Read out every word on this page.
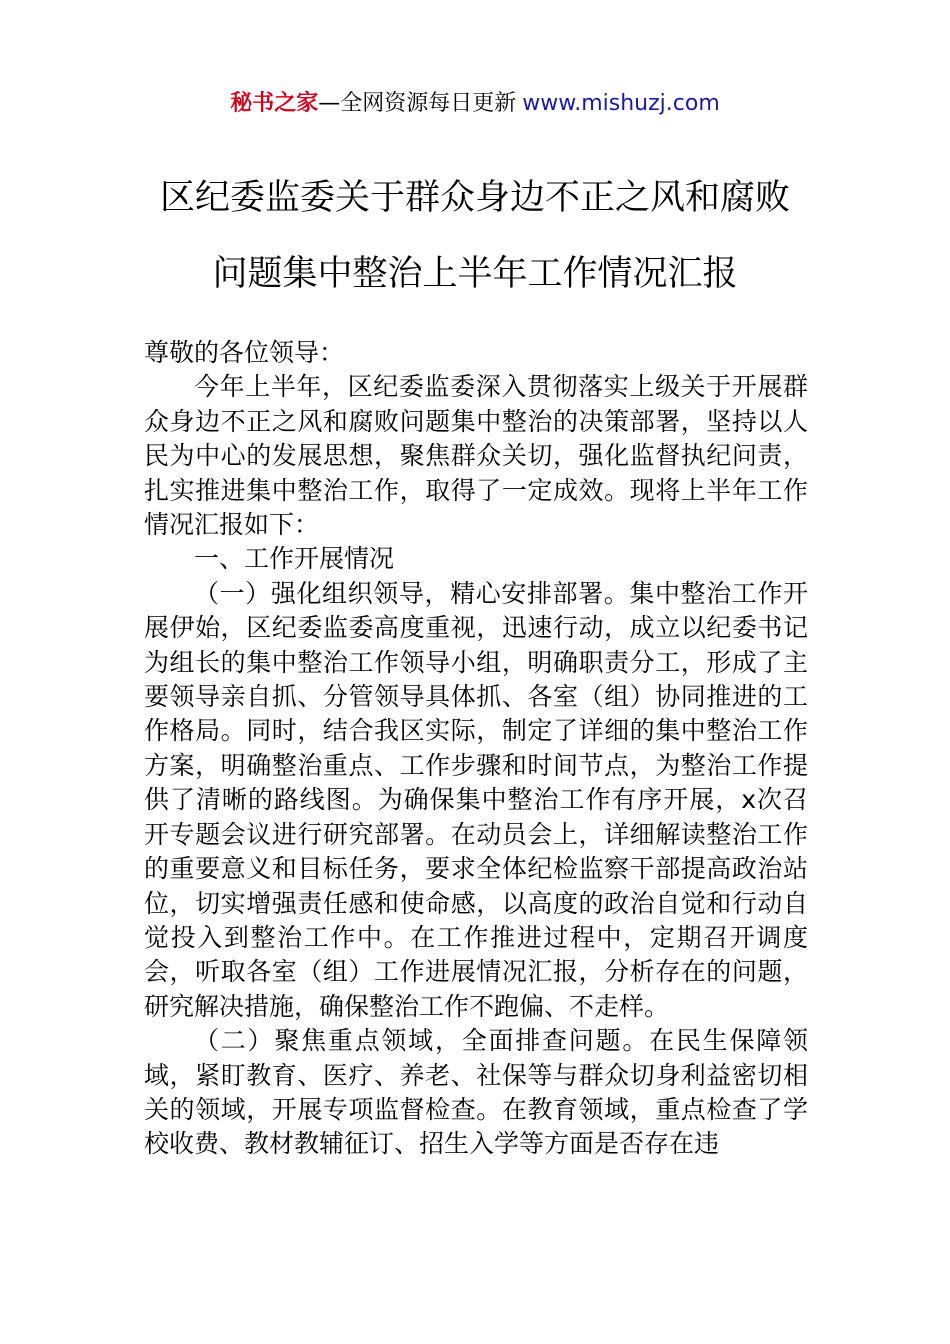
秘书之家—全网资源每日更新 www.mishuzj.com
区纪委监委关于群众身边不正之风和腐败
问题集中整治上半年工作情况汇报

尊敬的各位领导：

今年上半年，区纪委监委深入贯彻落实上级关于开展群众身边不正之风和腐败问题集中整治的决策部署，坚持以人民为中心的发展思想，聚焦群众关切，强化监督执纪问责，扎实推进集中整治工作，取得了一定成效。现将上半年工作情况汇报如下：

一、工作开展情况

（一）强化组织领导，精心安排部署。集中整治工作开展伊始，区纪委监委高度重视，迅速行动，成立以纪委书记为组长的集中整治工作领导小组，明确职责分工，形成了主要领导亲自抓、分管领导具体抓、各室（组）协同推进的工作格局。同时，结合我区实际，制定了详细的集中整治工作方案，明确整治重点、工作步骤和时间节点，为整治工作提供了清晰的路线图。为确保集中整治工作有序开展，x次召开专题会议进行研究部署。在动员会上，详细解读整治工作的重要意义和目标任务，要求全体纪检监察干部提高政治站位，切实增强责任感和使命感，以高度的政治自觉和行动自觉投入到整治工作中。在工作推进过程中，定期召开调度会，听取各室（组）工作进展情况汇报，分析存在的问题，研究解决措施，确保整治工作不跑偏、不走样。

（二）聚焦重点领域，全面排查问题。在民生保障领域，紧盯教育、医疗、养老、社保等与群众切身利益密切相关的领域，开展专项监督检查。在教育领域，重点检查了学校收费、教材教辅征订、招生入学等方面是否存在违
